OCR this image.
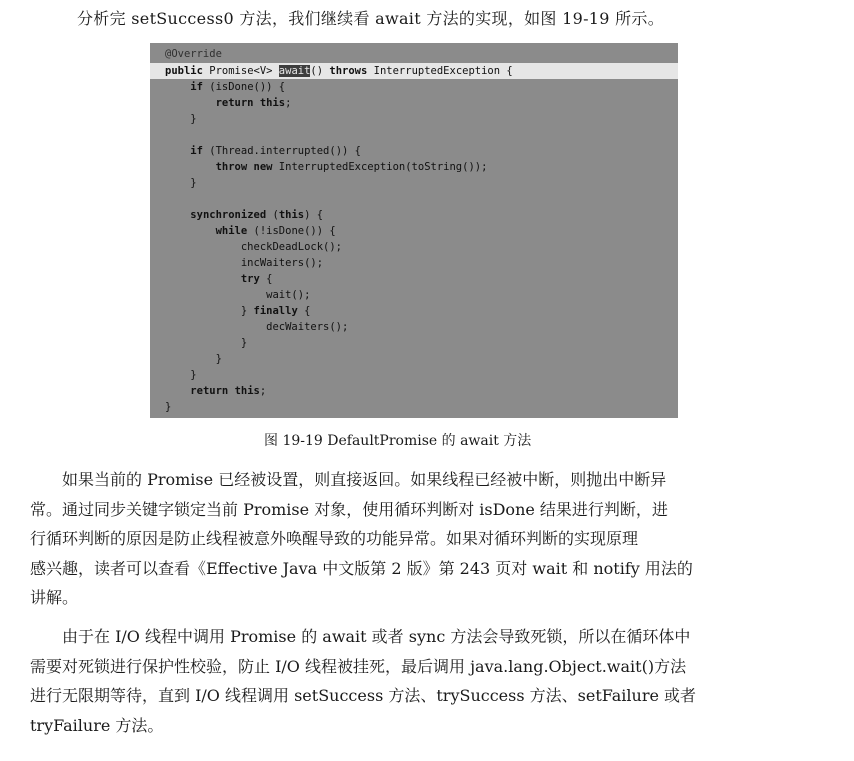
分析完 setSuccess0 方法，我们继续看 await 方法的实现，如图 19-19 所示。
@Override
public Promise<V> await() throws InterruptedException {
if (isDone()) {
return this;
}
if (Thread.interrupted()) {
throw new InterruptedException(toString());
}
synchronized (this) {
while (!isDone()) {
checkDeadLock();
incWaiters();
try {
wait();
} finally {
decWaiters();
}
}
}
return this;
}
图 19-19 DefaultPromise 的 await 方法
　　如果当前的 Promise 已经被设置，则直接返回。如果线程已经被中断，则抛出中断异
常。通过同步关键字锁定当前 Promise 对象，使用循环判断对 isDone 结果进行判断，进
行循环判断的原因是防止线程被意外唤醒导致的功能异常。如果对循环判断的实现原理
感兴趣，读者可以查看《Effective Java 中文版第 2 版》第 243 页对 wait 和 notify 用法的
讲解。
　　由于在 I/O 线程中调用 Promise 的 await 或者 sync 方法会导致死锁，所以在循环体中
需要对死锁进行保护性校验，防止 I/O 线程被挂死，最后调用 java.lang.Object.wait()方法
进行无限期等待，直到 I/O 线程调用 setSuccess 方法、trySuccess 方法、setFailure 或者
tryFailure 方法。
